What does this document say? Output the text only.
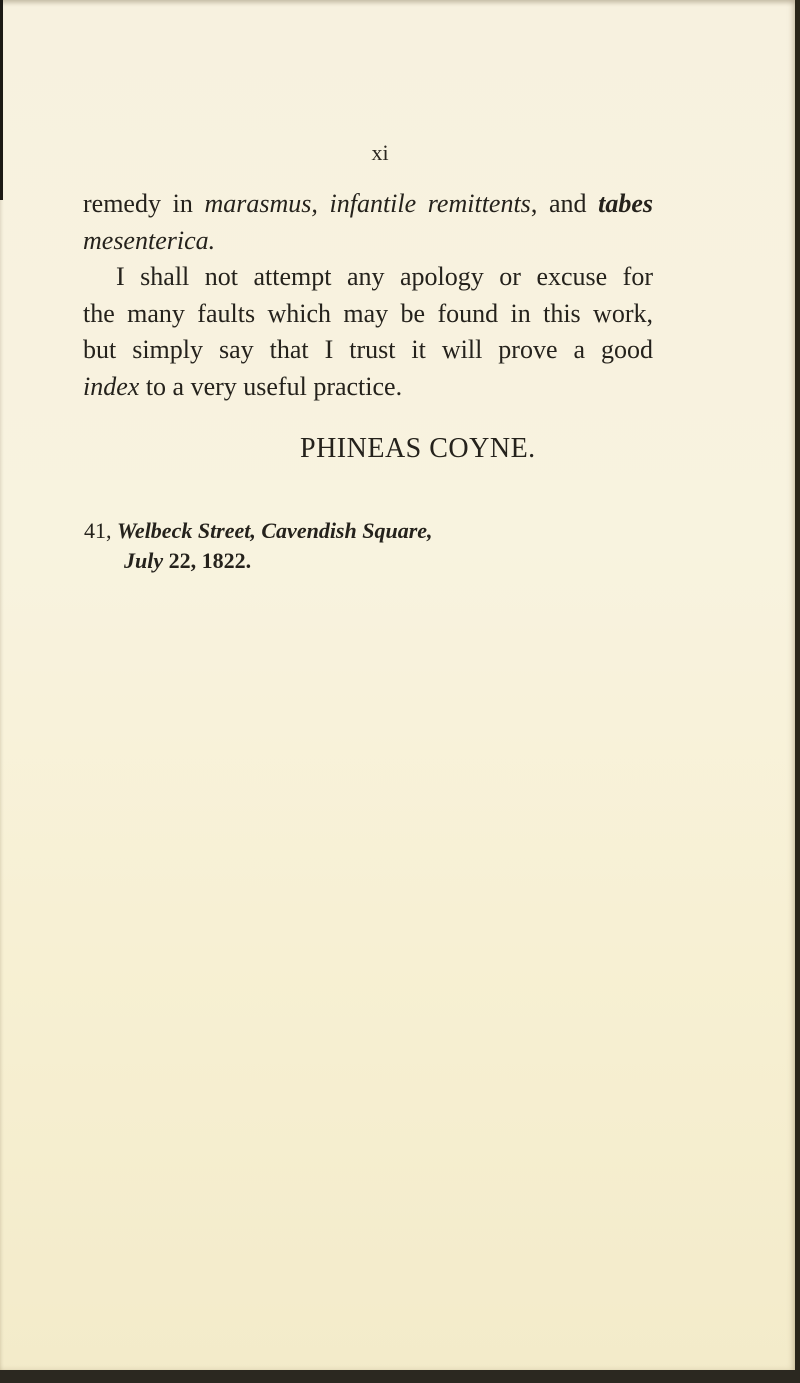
xi
remedy in marasmus, infantile remittents, and tabes
mesenterica.
I shall not attempt any apology or excuse for
the many faults which may be found in this work,
but simply say that I trust it will prove a good
index to a very useful practice.
PHINEAS COYNE.
41, Welbeck Street, Cavendish Square,
July 22, 1822.
